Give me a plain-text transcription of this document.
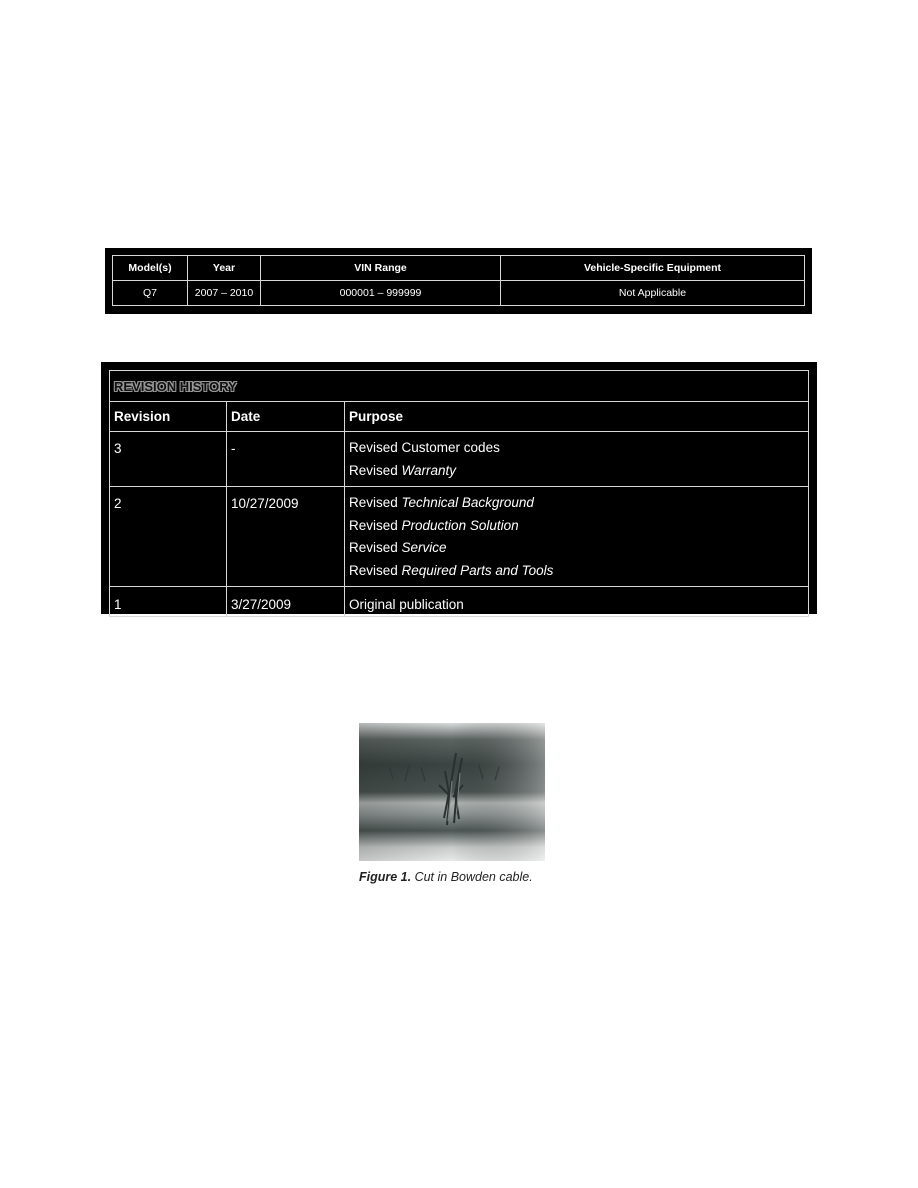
Model(s)	Year	VIN Range	Vehicle-Specific Equipment
Q7	2007 – 2010	000001 – 999999	Not Applicable
REVISION HISTORY		
Revision	Date	Purpose
3	-	Revised Customer codes
Revised Warranty

2	10/27/2009	Revised Technical Background
Revised Production Solution
Revised Service
Revised Required Parts and Tools

1	3/27/2009	Original publication
Figure 1. Cut in Bowden cable.
